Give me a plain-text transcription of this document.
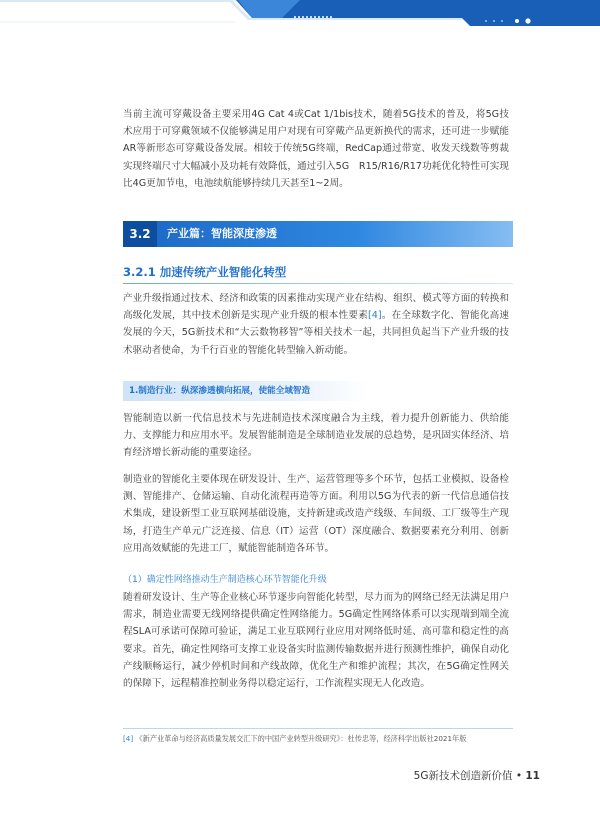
当前主流可穿戴设备主要采用4G Cat 4或Cat 1/1bis技术，随着5G技术的普及，将5G技术应用于可穿戴领域不仅能够满足用户对现有可穿戴产品更新换代的需求，还可进一步赋能AR等新形态可穿戴设备发展。相较于传统5G终端，RedCap通过带宽、收发天线数等剪裁实现终端尺寸大幅减小及功耗有效降低，通过引入5G　R15/R16/R17功耗优化特性可实现比4G更加节电，电池续航能够持续几天甚至1~2周。

3.2	产业篇：智能深度渗透
3.2.1 加速传统产业智能化转型

产业升级指通过技术、经济和政策的因素推动实现产业在结构、组织、模式等方面的转换和高级化发展，其中技术创新是实现产业升级的根本性要素[4]。在全球数字化、智能化高速发展的今天，5G新技术和“大云数物移智”等相关技术一起，共同担负起当下产业升级的技术驱动者使命，为千行百业的智能化转型输入新动能。

1.制造行业：纵深渗透横向拓展，使能全域智造

智能制造以新一代信息技术与先进制造技术深度融合为主线，着力提升创新能力、供给能力、支撑能力和应用水平。发展智能制造是全球制造业发展的总趋势，是巩固实体经济、培育经济增长新动能的重要途径。

制造业的智能化主要体现在研发设计、生产、运营管理等多个环节，包括工业模拟、设备检测、智能排产、仓储运输、自动化流程再造等方面。利用以5G为代表的新一代信息通信技术集成，建设新型工业互联网基础设施，支持新建或改造产线级、车间级、工厂级等生产现场，打造生产单元广泛连接、信息（IT）运营（OT）深度融合、数据要素充分利用、创新应用高效赋能的先进工厂，赋能智能制造各环节。

（1）确定性网络推动生产制造核心环节智能化升级

随着研发设计、生产等企业核心环节逐步向智能化转型，尽力而为的网络已经无法满足用户需求，制造业需要无线网络提供确定性网络能力。5G确定性网络体系可以实现端到端全流程SLA可承诺可保障可验证，满足工业互联网行业应用对网络低时延、高可靠和稳定性的高要求。首先，确定性网络可支撑工业设备实时监测传输数据并进行预测性维护，确保自动化产线顺畅运行，减少停机时间和产线故障，优化生产和维护流程；其次，在5G确定性网关的保障下，远程精准控制业务得以稳定运行，工作流程实现无人化改造。

[4] 《新产业革命与经济高质量发展交汇下的中国产业转型升级研究》：杜传忠等，经济科学出版社2021年版
5G新技术创造新价值 • 11
